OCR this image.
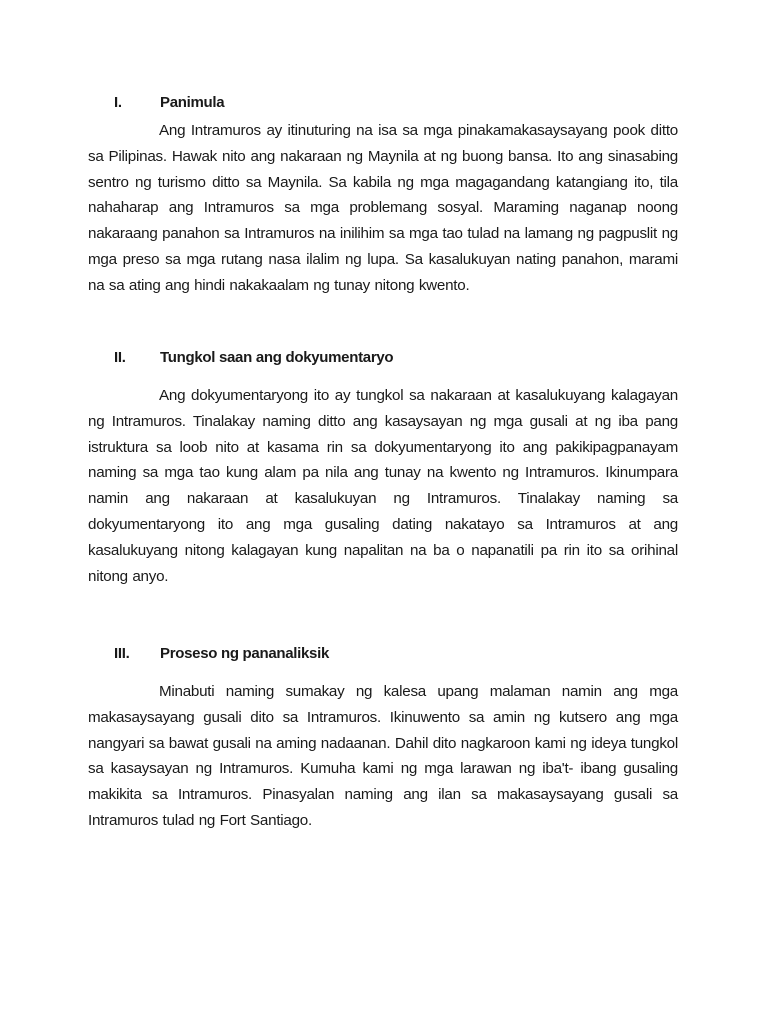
I.	Panimula

Ang Intramuros ay itinuturing na isa sa mga pinakamakasaysayang pook ditto sa Pilipinas. Hawak nito ang nakaraan ng Maynila at ng buong bansa. Ito ang sinasabing sentro ng turismo ditto sa Maynila. Sa kabila ng mga magagandang katangiang ito, tila nahaharap ang Intramuros sa mga problemang sosyal. Maraming naganap noong nakaraang panahon sa Intramuros na inilihim sa mga tao tulad na lamang ng pagpuslit ng mga preso sa mga rutang nasa ilalim ng lupa. Sa kasalukuyan nating panahon, marami na sa ating ang hindi nakakaalam ng tunay nitong kwento.

II.	Tungkol saan ang dokyumentaryo

Ang dokyumentaryong ito ay tungkol sa nakaraan at kasalukuyang kalagayan ng Intramuros. Tinalakay naming ditto ang kasaysayan ng mga gusali at ng iba pang istruktura sa loob nito at kasama rin sa dokyumentaryong ito ang pakikipagpanayam naming sa mga tao kung alam pa nila ang tunay na kwento ng Intramuros. Ikinumpara namin ang nakaraan at kasalukuyan ng Intramuros. Tinalakay naming sa dokyumentaryong ito ang mga gusaling dating nakatayo sa Intramuros at ang kasalukuyang nitong kalagayan kung napalitan na ba o napanatili pa rin ito sa orihinal nitong anyo.

III.	Proseso ng pananaliksik

Minabuti naming sumakay ng kalesa upang malaman namin ang mga makasaysayang gusali dito sa Intramuros. Ikinuwento sa amin ng kutsero ang mga nangyari sa bawat gusali na aming nadaanan. Dahil dito nagkaroon kami ng ideya tungkol sa kasaysayan ng Intramuros. Kumuha kami ng mga larawan ng iba't- ibang gusaling makikita sa Intramuros. Pinasyalan naming ang ilan sa makasaysayang gusali sa Intramuros tulad ng Fort Santiago.
